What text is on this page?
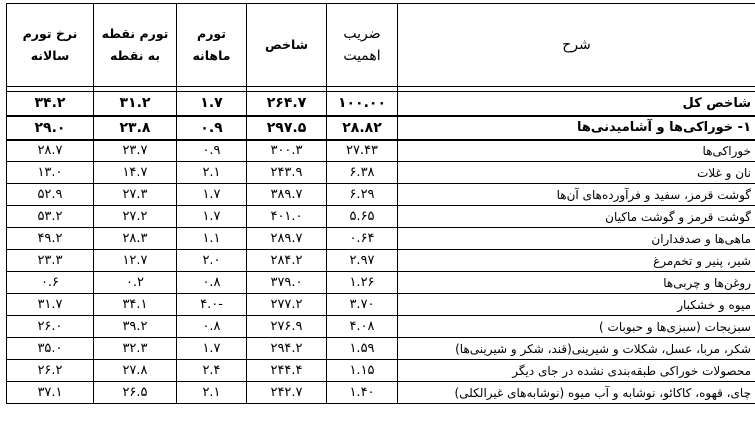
شرح	ضریب اهمیت	شاخص	تورم ماهانه	تورم نقطه به نقطه	نرخ تورم سالانه

شاخص کل	۱۰۰.۰۰	۲۶۴.۷	۱.۷	۳۱.۲	۳۴.۲
۱- خوراکی‌ها و آشامیدنی‌ها	۲۸.۸۲	۲۹۷.۵	۰.۹	۲۳.۸	۲۹.۰
خوراکی‌ها	۲۷.۴۳	۳۰۰.۳	۰.۹	۲۳.۷	۲۸.۷
نان و غلات	۶.۳۸	۲۴۳.۹	۲.۱	۱۴.۷	۱۳.۰
گوشت قرمز، سفید و فرآورده‌های آن‌ها	۶.۲۹	۳۸۹.۷	۱.۷	۲۷.۳	۵۲.۹
گوشت قرمز و گوشت ماکیان	۵.۶۵	۴۰۱.۰	۱.۷	۲۷.۲	۵۳.۲
ماهی‌ها و صدفداران	۰.۶۴	۲۸۹.۷	۱.۱	۲۸.۳	۴۹.۲
شیر، پنیر و تخم‌مرغ	۲.۹۷	۲۸۴.۲	۲.۰	۱۲.۷	۲۳.۳
روغن‌ها و چربی‌ها	۱.۲۶	۳۷۹.۰	۰.۸	۰.۲	۰.۶
میوه و خشکبار	۳.۷۰	۲۷۷.۲	-۴.۰	۳۴.۱	۳۱.۷
سبزیجات (سبزی‌ها و حبوبات )	۴.۰۸	۲۷۶.۹	۰.۸	۳۹.۲	۲۶.۰
شکر، مربا، عسل، شکلات و شیرینی(قند، شکر و شیرینی‌ها)	۱.۵۹	۲۹۴.۲	۱.۷	۳۲.۳	۳۵.۰
محصولات خوراکی طبقه‌بندی نشده در جای دیگر	۱.۱۵	۲۴۴.۴	۲.۴	۲۷.۸	۲۶.۲
چای، قهوه، کاکائو، نوشابه و آب میوه (نوشابه‌های غیرالکلی)	۱.۴۰	۲۴۲.۷	۲.۱	۲۶.۵	۳۷.۱
